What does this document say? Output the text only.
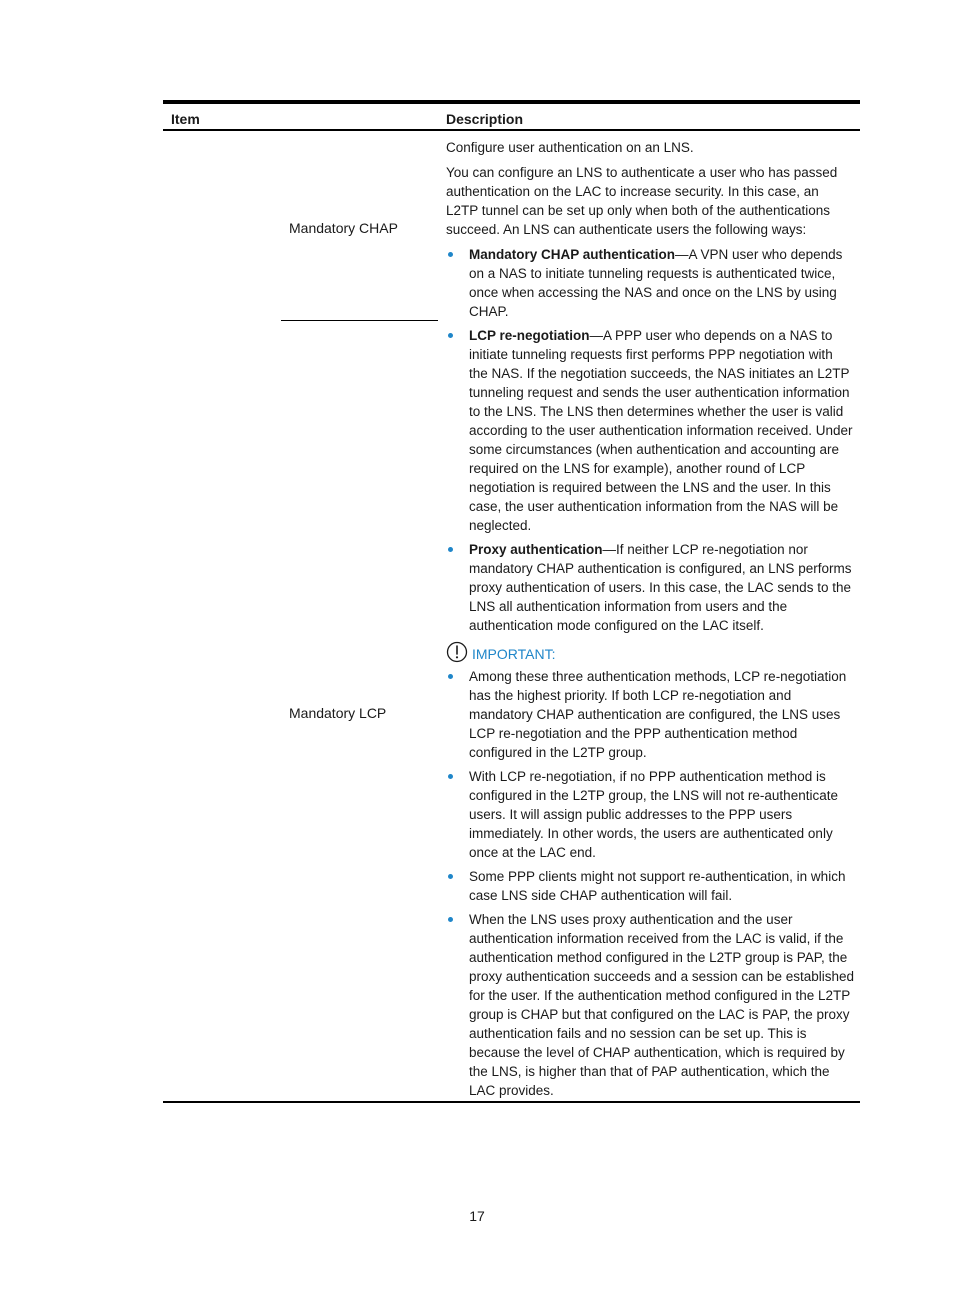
Item	Description
Mandatory CHAP
Mandatory LCP

Configure user authentication on an LNS.

You can configure an LNS to authenticate a user who has passed authentication on the LAC to increase security. In this case, an L2TP tunnel can be set up only when both of the authentications succeed. An LNS can authenticate users the following ways:

Mandatory CHAP authentication—A VPN user who depends on a NAS to initiate tunneling requests is authenticated twice, once when accessing the NAS and once on the LNS by using CHAP.
LCP re-negotiation—A PPP user who depends on a NAS to initiate tunneling requests first performs PPP negotiation with the NAS. If the negotiation succeeds, the NAS initiates an L2TP tunneling request and sends the user authentication information to the LNS. The LNS then determines whether the user is valid according to the user authentication information received. Under some circumstances (when authentication and accounting are required on the LNS for example), another round of LCP negotiation is required between the LNS and the user. In this case, the user authentication information from the NAS will be neglected.
Proxy authentication—If neither LCP re-negotiation nor mandatory CHAP authentication is configured, an LNS performs proxy authentication of users. In this case, the LAC sends to the LNS all authentication information from users and the authentication mode configured on the LAC itself.
IMPORTANT:
Among these three authentication methods, LCP re-negotiation has the highest priority. If both LCP re-negotiation and mandatory CHAP authentication are configured, the LNS uses LCP re-negotiation and the PPP authentication method configured in the L2TP group.
With LCP re-negotiation, if no PPP authentication method is configured in the L2TP group, the LNS will not re-authenticate users. It will assign public addresses to the PPP users immediately. In other words, the users are authenticated only once at the LAC end.
Some PPP clients might not support re-authentication, in which case LNS side CHAP authentication will fail.
When the LNS uses proxy authentication and the user authentication information received from the LAC is valid, if the authentication method configured in the L2TP group is PAP, the proxy authentication succeeds and a session can be established for the user. If the authentication method configured in the L2TP group is CHAP but that configured on the LAC is PAP, the proxy authentication fails and no session can be set up. This is because the level of CHAP authentication, which is required by the LNS, is higher than that of PAP authentication, which the LAC provides.
17
